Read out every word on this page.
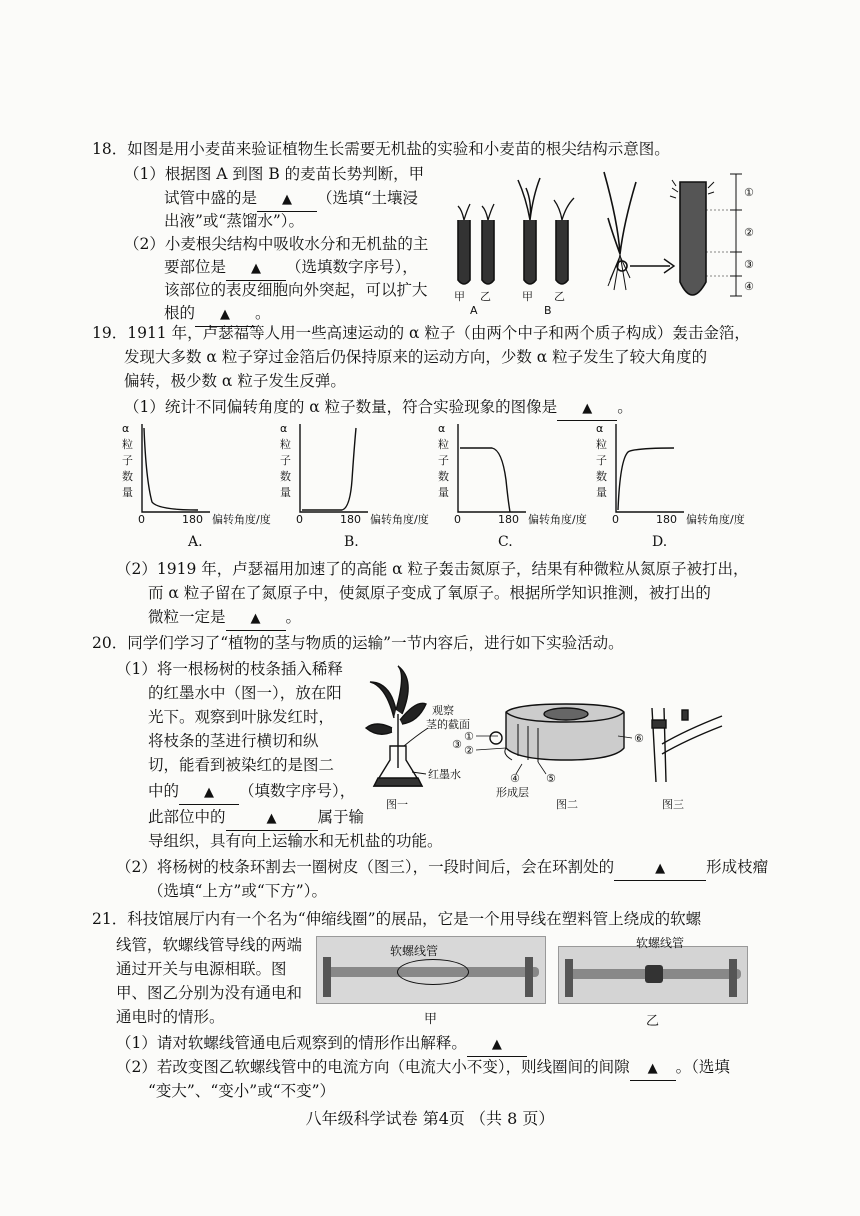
18．如图是用小麦苗来验证植物生长需要无机盐的实验和小麦苗的根尖结构示意图。
（1）根据图 A 到图 B 的麦苗长势判断，甲
试管中盛的是 ▲ （选填“土壤浸
出液”或“蒸馏水”）。
（2）小麦根尖结构中吸收水分和无机盐的主
要部位是 ▲ （选填数字序号），
该部位的表皮细胞向外突起，可以扩大
根的 ▲ 。
甲 乙
A
甲 乙
B
①
②
③
④
19．1911 年，卢瑟福等人用一些高速运动的 α 粒子（由两个中子和两个质子构成）轰击金箔，
发现大多数 α 粒子穿过金箔后仍保持原来的运动方向，少数 α 粒子发生了较大角度的
偏转，极少数 α 粒子发生反弹。
（1）统计不同偏转角度的 α 粒子数量，符合实验现象的图像是 ▲ 。
α
粒
子
数
量
0	180 偏转角度/度
α
粒
子
数
量
0	180 偏转角度/度
α
粒
子
数
量
0	180 偏转角度/度
α
粒
子
数
量
0	180 偏转角度/度
A.	B.	C.	D.
（2）1919 年，卢瑟福用加速了的高能 α 粒子轰击氮原子，结果有种微粒从氮原子被打出，
而 α 粒子留在了氮原子中，使氮原子变成了氧原子。根据所学知识推测，被打出的
微粒一定是 ▲ 。
20．同学们学习了“植物的茎与物质的运输”一节内容后，进行如下实验活动。
（1）将一根杨树的枝条插入稀释
的红墨水中（图一），放在阳
光下。观察到叶脉发红时，
将枝条的茎进行横切和纵
切，能看到被染红的是图二
中的 ▲ （填数字序号），
此部位中的	▲	属于输
导组织，具有向上运输水和无机盐的功能。
（2）将杨树的枝条环割去一圈树皮（图三），一段时间后，会在环割处的	▲	形成枝瘤
（选填“上方”或“下方”）。
观察
茎的截面
红墨水
①
②
③
④ ⑤
⑥
形成层
图一	图二	图三
21．科技馆展厅内有一个名为“伸缩线圈”的展品，它是一个用导线在塑料管上绕成的软螺
线管，软螺线管导线的两端
通过开关与电源相联。图
甲、图乙分别为没有通电和
通电时的情形。
软螺线管
甲
软螺线管
乙
（1）请对软螺线管通电后观察到的情形作出解释。 ▲
（2）若改变图乙软螺线管中的电流方向（电流大小不变），则线圈间的间隙 ▲ 。（选填
“变大”、“变小”或“不变”）
八年级科学试卷 第4页 （共 8 页）
